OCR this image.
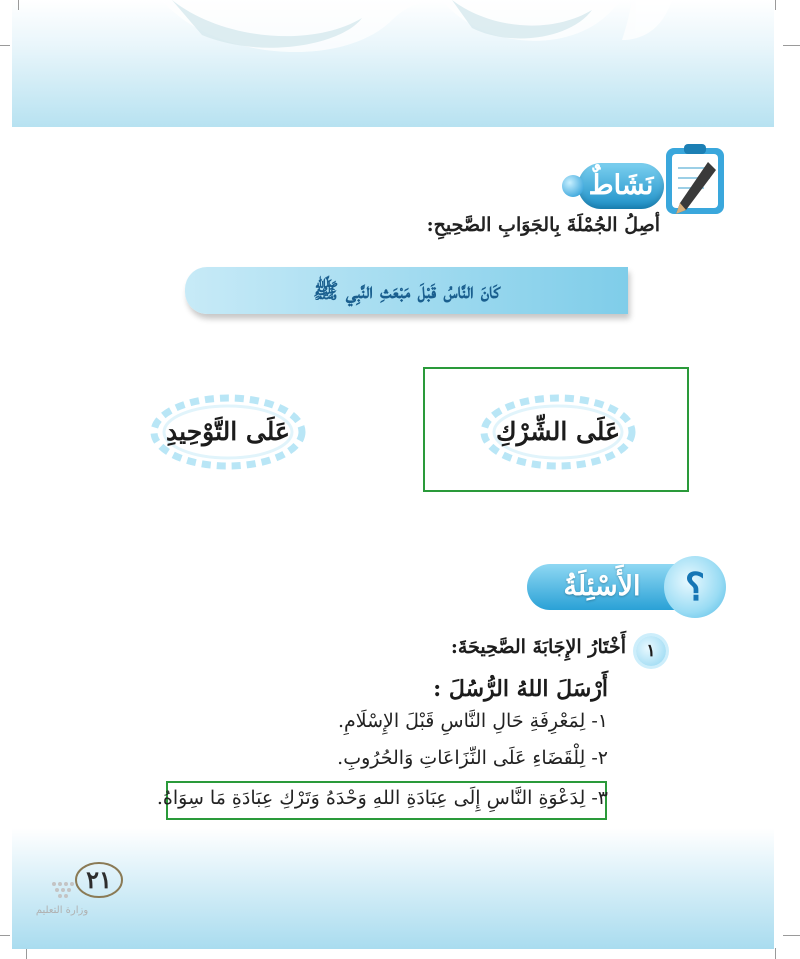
نَشَاطٌ
أصِلُ الجُمْلَةَ بِالجَوَابِ الصَّحِيحِ:
كَانَ النَّاسُ قَبْلَ مَبْعَثِ النَّبِي ﷺ
عَلَى الشِّرْكِ
عَلَى التَّوْحِيدِ
الأَسْئِلَةُ	؟
١
أَخْتَارُ الإِجَابَةَ الصَّحِيحَةَ:
أَرْسَلَ اللهُ الرُّسُلَ :
١- لِمَعْرِفَةِ حَالِ النَّاسِ قَبْلَ الإِسْلَامِ.
٢- لِلْقَضَاءِ عَلَى النِّزَاعَاتِ وَالحُرُوبِ.
٣- لِدَعْوَةِ النَّاسِ إِلَى عِبَادَةِ اللهِ وَحْدَهُ وَتَرْكِ عِبَادَةِ مَا سِوَاهُ.
٢١
وزارة التعليم
